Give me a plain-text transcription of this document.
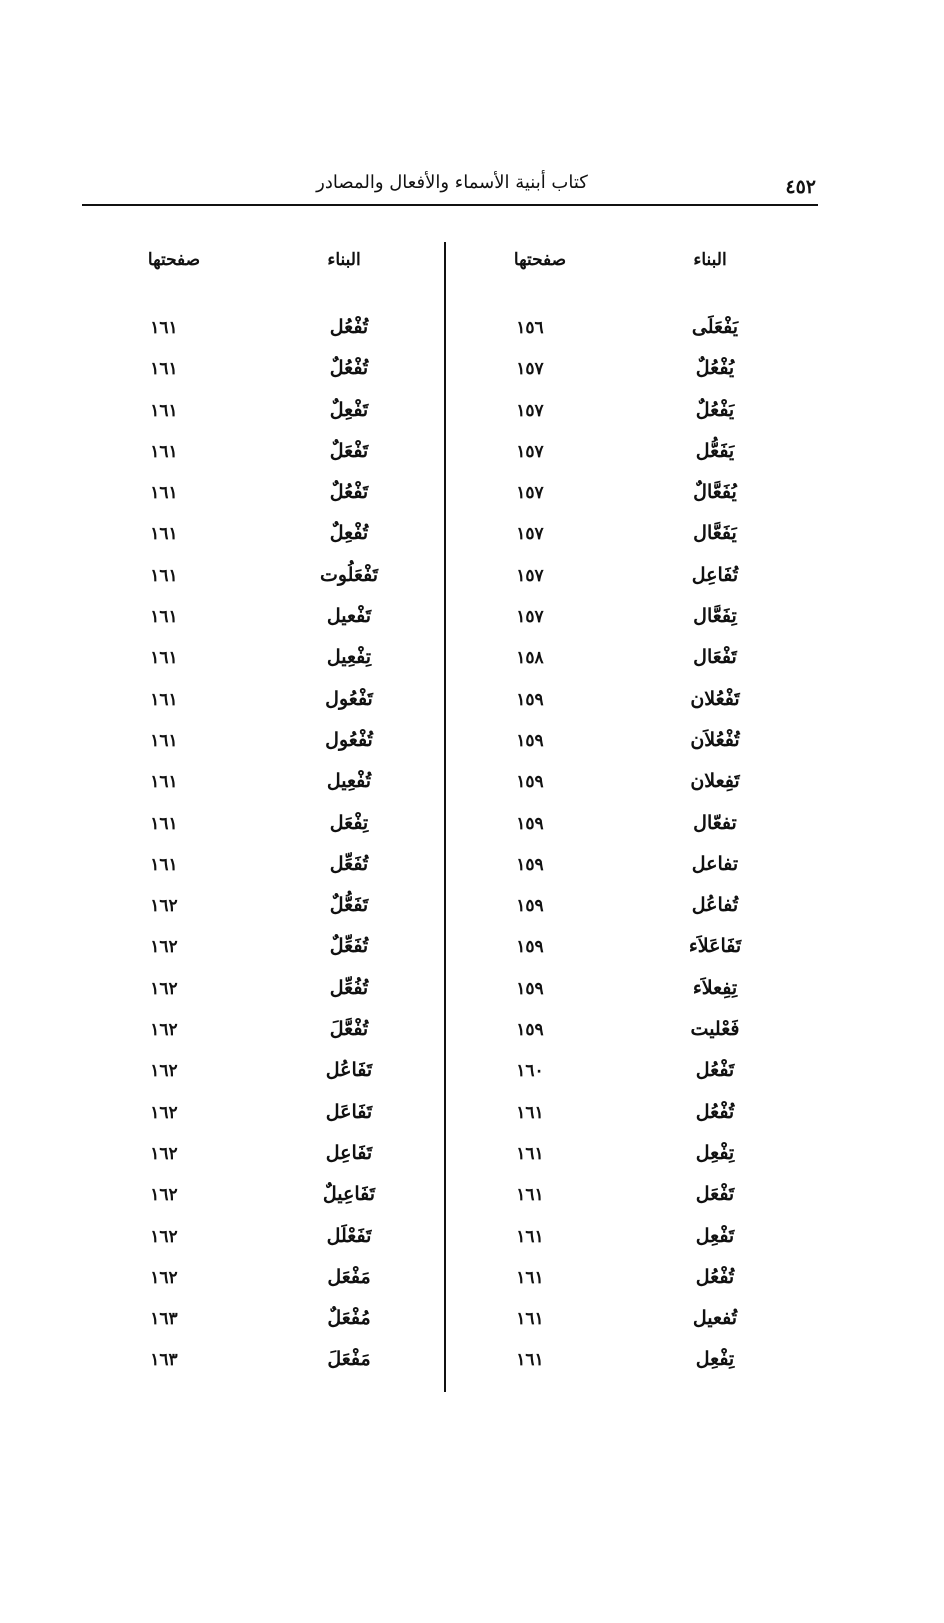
٤٥٢
كتاب أبنية الأسماء والأفعال والمصادر
البناء
صفحتها
يَفْعَلَى
١٥٦
يُفْعُلٌ
١٥٧
يَفْعُلٌ
١٥٧
يَفَعُّل
١٥٧
يُفَعَّالٌ
١٥٧
يَفَعَّال
١٥٧
تُفَاعِل
١٥٧
تِفَعَّال
١٥٧
تَفْعَال
١٥٨
تَفْعُلان
١٥٩
تُفْعُلاَن
١٥٩
تَفِعلان
١٥٩
تفعّال
١٥٩
تفاعل
١٥٩
تُفاعُل
١٥٩
تَفَاعَلاَء
١٥٩
تِفِعلاَء
١٥٩
فَعْليت
١٥٩
تَفْعُل
١٦٠
تُفْعُل
١٦١
تِفْعِل
١٦١
تَفْعَل
١٦١
تَفْعِل
١٦١
تُفْعُل
١٦١
تُفعيل
١٦١
تِفْعِل
١٦١
البناء
صفحتها
تُفْعُل
١٦١
تُفْعُلٌ
١٦١
تَفْعِلٌ
١٦١
تَفْعَلٌ
١٦١
تَفْعُلٌ
١٦١
تُفْعِلٌ
١٦١
تَفْعَلُوت
١٦١
تَفْعيل
١٦١
تِفْعِيل
١٦١
تَفْعُول
١٦١
تُفْعُول
١٦١
تُفْعِيل
١٦١
تِفْعَل
١٦١
تُفَعِّل
١٦١
تَفَعُّلٌ
١٦٢
تُفَعِّلٌ
١٦٢
تُفُعِّل
١٦٢
تُفْعَّلَ
١٦٢
تَفَاعُل
١٦٢
تَفَاعَل
١٦٢
تَفَاعِل
١٦٢
تَفَاعِيلٌ
١٦٢
تَفَعْلَل
١٦٢
مَفْعَل
١٦٢
مُفْعَلٌ
١٦٣
مَفْعَلَ
١٦٣
